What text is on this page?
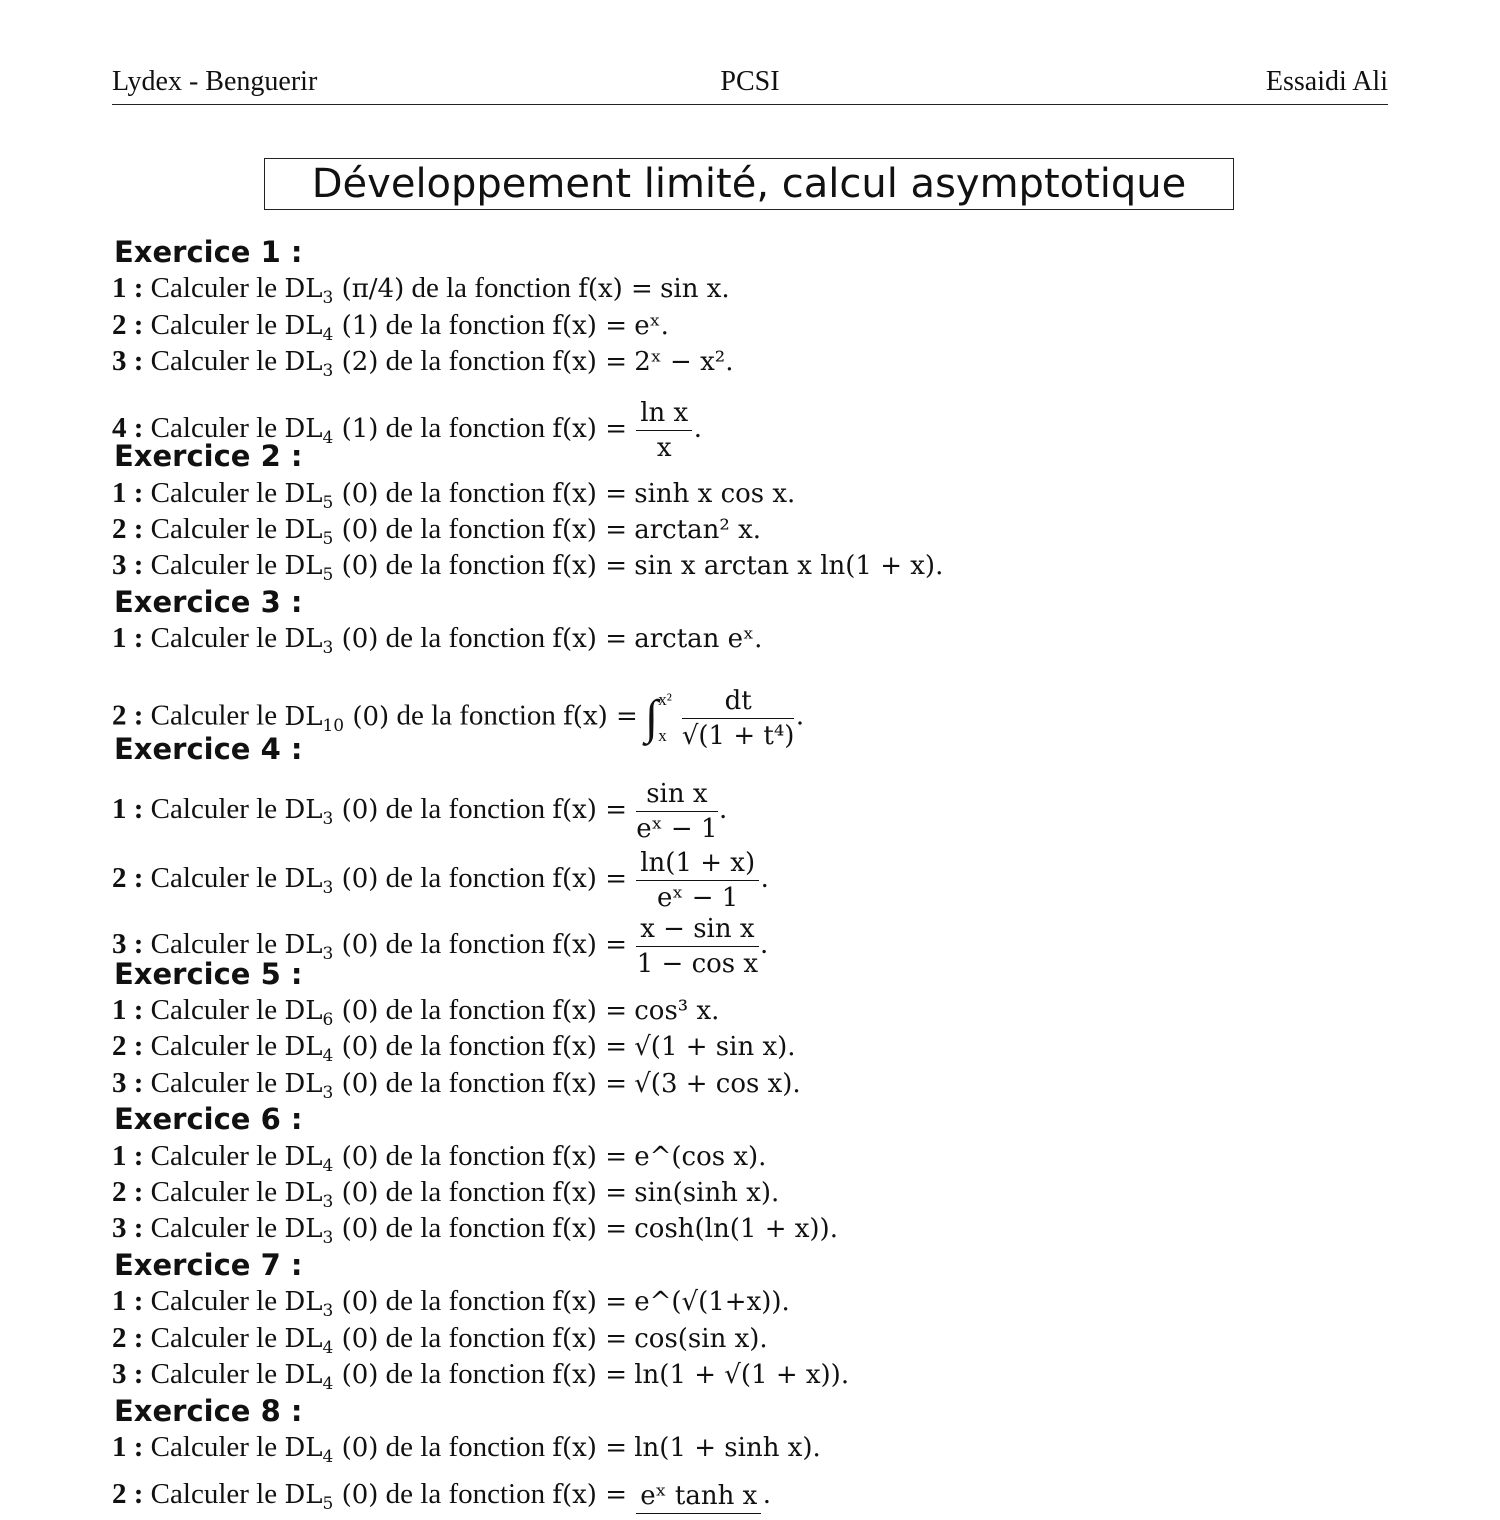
Lydex - Benguerir	PCSI	Essaidi Ali
Développement limité, calcul asymptotique
Exercice 1 :
1 : Calculer le $DL_3$ (π/4) de la fonction f(x) = sin x.
2 : Calculer le $DL_4$ (1) de la fonction f(x) = eˣ.
3 : Calculer le $DL_3$ (2) de la fonction f(x) = 2ˣ − x².
4 : Calculer le $DL_4$ (1) de la fonction $f(x) = \frac{\text{ln x}}{x}$ .
Exercice 2 :
1 : Calculer le $DL_5$ (0) de la fonction f(x) = sinh x cos x.
2 : Calculer le $DL_5$ (0) de la fonction f(x) = arctan² x.
3 : Calculer le $DL_5$ (0) de la fonction f(x) = sin x arctan x ln(1 + x).
Exercice 3 :
1 : Calculer le $DL_3$ (0) de la fonction f(x) = arctan eˣ.
2 : Calculer le $DL_{10}$ (0) de la fonction f(x) = ∫ x²
x $\frac{dt}{\text{√(1 + t⁴)}}$ .
Exercice 4 :
1 : Calculer le $DL_3$ (0) de la fonction $f(x) = \frac{\text{sin x}}{\text{eˣ − 1}}$ .
2 : Calculer le $DL_3$ (0) de la fonction $f(x) = \frac{\ln(1 + x)}{\text{eˣ − 1}}$ .
3 : Calculer le $DL_3$ (0) de la fonction $f(x) = \frac{\text{x − sin x}}{\text{1 − cos x}}$ .
Exercice 5 :
1 : Calculer le $DL_6$ (0) de la fonction f(x) = cos³ x.
2 : Calculer le $DL_4$ (0) de la fonction f(x) = √(1 + sin x).
3 : Calculer le $DL_3$ (0) de la fonction f(x) = √(3 + cos x).
Exercice 6 :
1 : Calculer le $DL_4$ (0) de la fonction f(x) = e^(cos x).
2 : Calculer le $DL_3$ (0) de la fonction f(x) = sin(sinh x).
3 : Calculer le $DL_3$ (0) de la fonction f(x) = cosh(ln(1 + x)).
Exercice 7 :
1 : Calculer le $DL_3$ (0) de la fonction f(x) = e^(√(1+x)).
2 : Calculer le $DL_4$ (0) de la fonction f(x) = cos(sin x).
3 : Calculer le $DL_4$ (0) de la fonction f(x) = ln(1 + √(1 + x)).
Exercice 8 :
1 : Calculer le $DL_4$ (0) de la fonction f(x) = ln(1 + sinh x).
2 : Calculer le $DL_5$ (0) de la fonction f(x) = eˣ tanh x .
